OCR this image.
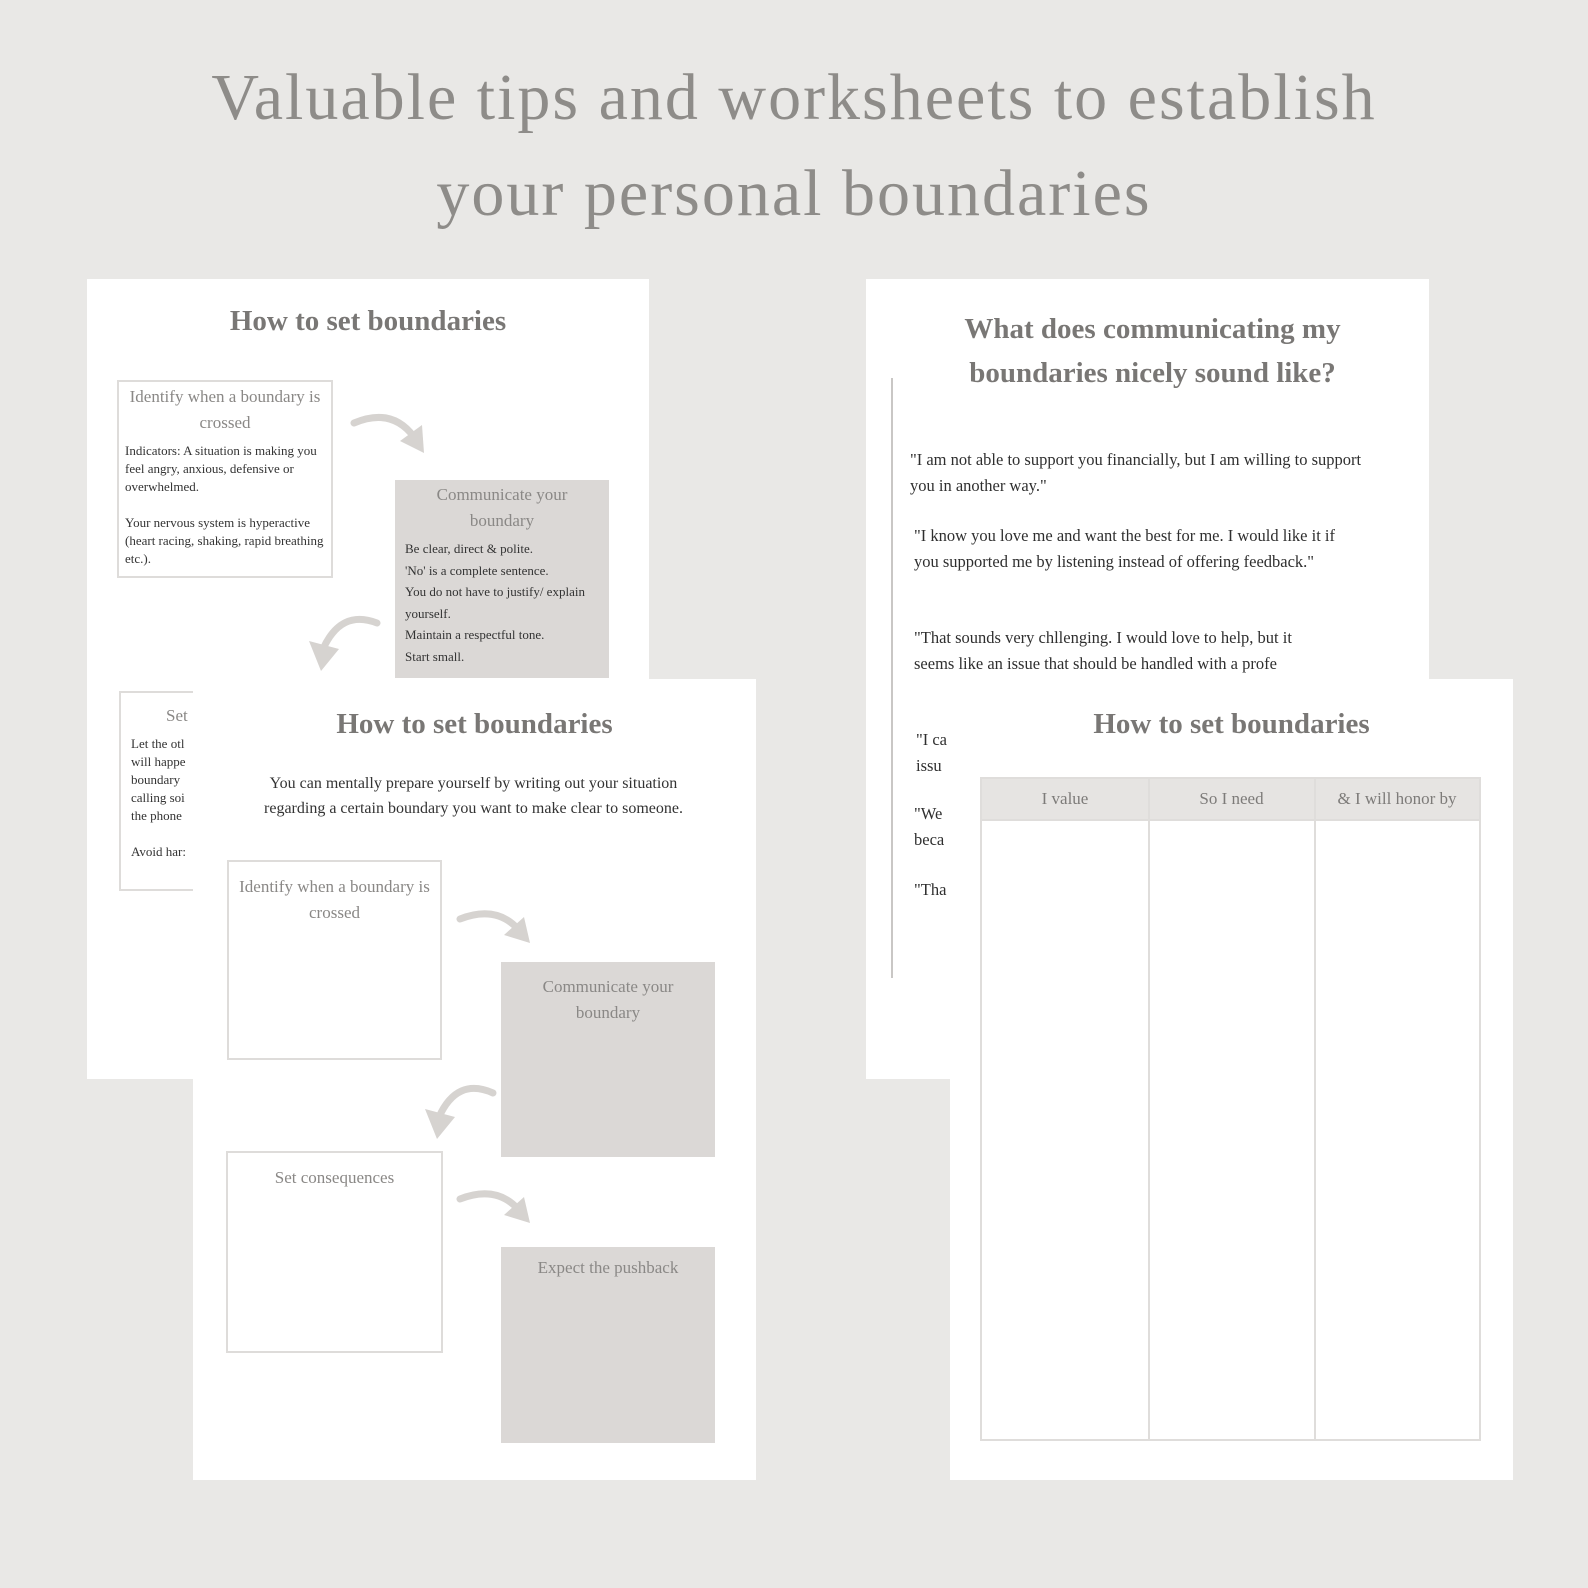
Valuable tips and worksheets to establish
your personal boundaries
How to set boundaries
Identify when a boundary is crossed
Indicators: A situation is making you feel angry, anxious, defensive or overwhelmed.

Your nervous system is hyperactive (heart racing, shaking, rapid breathing etc.).
Communicate your boundary
Be clear, direct & polite.
'No' is a complete sentence.
You do not have to justify/ explain yourself.
Maintain a respectful tone.
Start small.
Set
Let the otl
will happe
boundary
calling soi
the phone

Avoid har:
What does communicating my boundaries nicely sound like?

"I am not able to support you financially, but I am willing to support you in another way."

"I know you love me and want the best for me. I would like it if you supported me by listening instead of offering feedback."

"That sounds very chllenging. I would love to help, but it seems like an issue that should be handled with a profe

"I ca issu

"We beca

"Tha

How to set boundaries

You can mentally prepare yourself by writing out your situation regarding a certain boundary you want to make clear to someone.

Identify when a boundary is crossed
Communicate your boundary
Set consequences
Expect the pushback
How to set boundaries
I value	So I need	& I will honor by
